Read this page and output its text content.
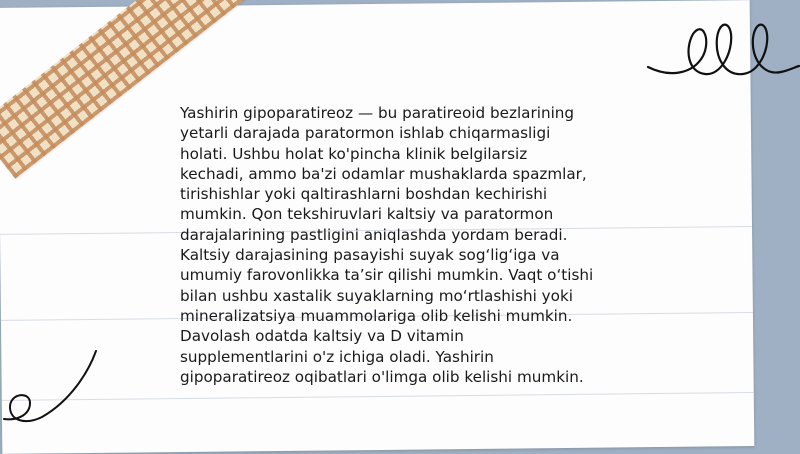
Yashirin gipoparatireoz — bu paratireoid bezlarining
yetarli darajada paratormon ishlab chiqarmasligi
holati. Ushbu holat ko'pincha klinik belgilarsiz
kechadi, ammo ba'zi odamlar mushaklarda spazmlar,
tirishishlar yoki qaltirashlarni boshdan kechirishi
mumkin. Qon tekshiruvlari kaltsiy va paratormon
darajalarining pastligini aniqlashda yordam beradi.
Kaltsiy darajasining pasayishi suyak sog‘lig‘iga va
umumiy farovonlikka ta’sir qilishi mumkin. Vaqt o‘tishi
bilan ushbu xastalik suyaklarning mo‘rtlashishi yoki
mineralizatsiya muammolariga olib kelishi mumkin.
Davolash odatda kaltsiy va D vitamin
supplementlarini o'z ichiga oladi. Yashirin
gipoparatireoz oqibatlari o'limga olib kelishi mumkin.
